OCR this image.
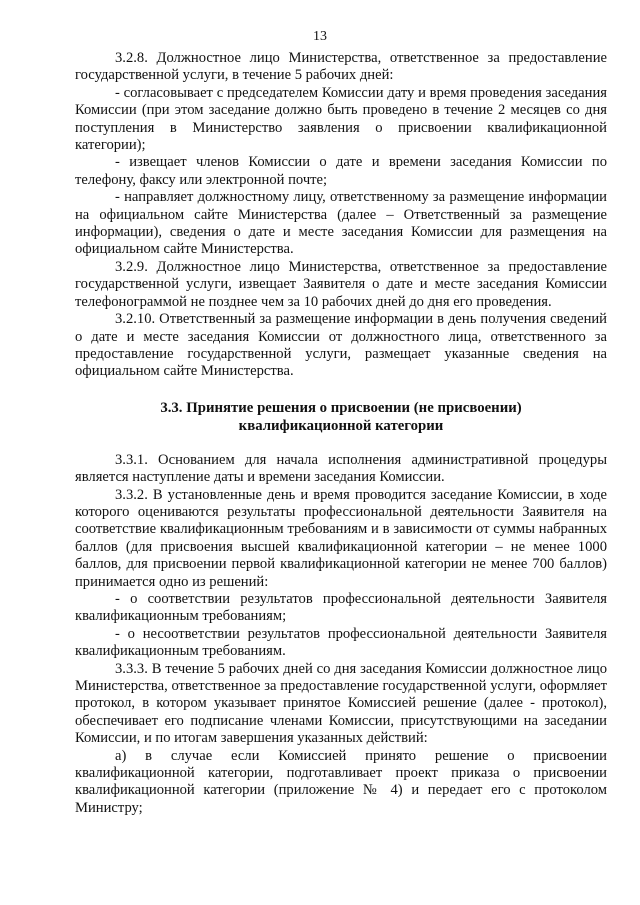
13

3.2.8. Должностное лицо Министерства, ответственное за предоставление государственной услуги, в течение 5 рабочих дней:

- согласовывает с председателем Комиссии дату и время проведения заседания Комиссии (при этом заседание должно быть проведено в течение 2 месяцев со дня поступления в Министерство заявления о присвоении квалификационной категории);

- извещает членов Комиссии о дате и времени заседания Комиссии по телефону, факсу или электронной почте;

- направляет должностному лицу, ответственному за размещение информации на официальном сайте Министерства (далее – Ответственный за размещение информации), сведения о дате и месте заседания Комиссии для размещения на официальном сайте Министерства.

3.2.9. Должностное лицо Министерства, ответственное за предоставление государственной услуги, извещает Заявителя о дате и месте заседания Комиссии телефонограммой не позднее чем за 10 рабочих дней до дня его проведения.

3.2.10. Ответственный за размещение информации в день получения сведений о дате и месте заседания Комиссии от должностного лица, ответственного за предоставление государственной услуги, размещает указанные сведения на официальном сайте Министерства.

3.3. Принятие решения о присвоении (не присвоении)
квалификационной категории

3.3.1. Основанием для начала исполнения административной процедуры является наступление даты и времени заседания Комиссии.

3.3.2. В установленные день и время проводится заседание Комиссии, в ходе которого оцениваются результаты профессиональной деятельности Заявителя на соответствие квалификационным требованиям и в зависимости от суммы набранных баллов (для присвоения высшей квалификационной категории – не менее 1000 баллов, для присвоении первой квалификационной категории не менее 700 баллов) принимается одно из решений:

- о соответствии результатов профессиональной деятельности Заявителя квалификационным требованиям;

- о несоответствии результатов профессиональной деятельности Заявителя квалификационным требованиям.

3.3.3. В течение 5 рабочих дней со дня заседания Комиссии должностное лицо Министерства, ответственное за предоставление государственной услуги, оформляет протокол, в котором указывает принятое Комиссией решение (далее - протокол), обеспечивает его подписание членами Комиссии, присутствующими на заседании Комиссии, и по итогам завершения указанных действий:

а) в случае если Комиссией принято решение о присвоении квалификационной категории, подготавливает проект приказа о присвоении квалификационной категории (приложение № 4) и передает его с протоколом Министру;
